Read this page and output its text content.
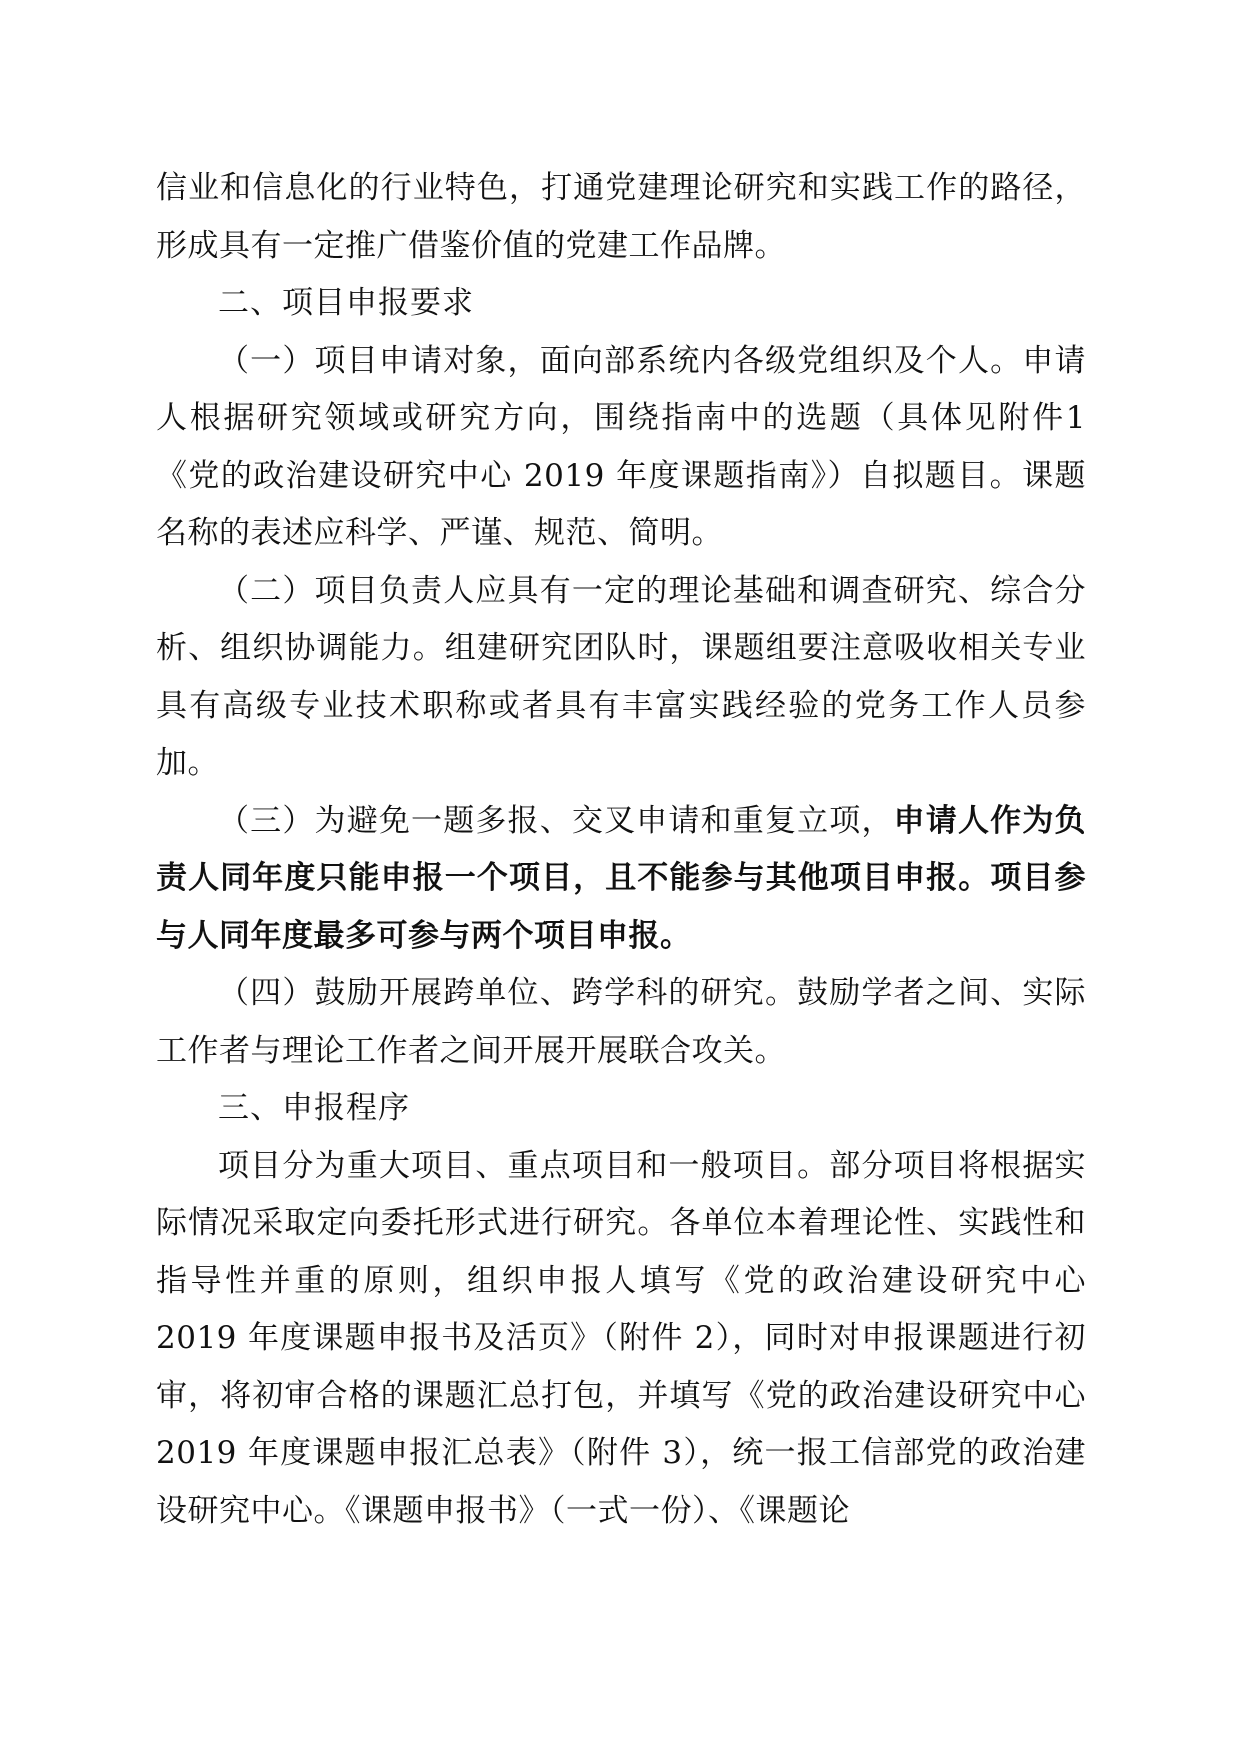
信业和信息化的行业特色，打通党建理论研究和实践工作的路径，形成具有一定推广借鉴价值的党建工作品牌。

二、项目申报要求

（一）项目申请对象，面向部系统内各级党组织及个人。申请人根据研究领域或研究方向，围绕指南中的选题（具体见附件1《党的政治建设研究中心 2019 年度课题指南》）自拟题目。课题名称的表述应科学、严谨、规范、简明。

（二）项目负责人应具有一定的理论基础和调查研究、综合分析、组织协调能力。组建研究团队时，课题组要注意吸收相关专业具有高级专业技术职称或者具有丰富实践经验的党务工作人员参加。

（三）为避免一题多报、交叉申请和重复立项，申请人作为负责人同年度只能申报一个项目，且不能参与其他项目申报。项目参与人同年度最多可参与两个项目申报。

（四）鼓励开展跨单位、跨学科的研究。鼓励学者之间、实际工作者与理论工作者之间开展开展联合攻关。

三、申报程序

项目分为重大项目、重点项目和一般项目。部分项目将根据实际情况采取定向委托形式进行研究。各单位本着理论性、实践性和指导性并重的原则，组织申报人填写《党的政治建设研究中心 2019 年度课题申报书及活页》（附件 2），同时对申报课题进行初审，将初审合格的课题汇总打包，并填写《党的政治建设研究中心 2019 年度课题申报汇总表》（附件 3），统一报工信部党的政治建设研究中心。《课题申报书》（一式一份）、《课题论
